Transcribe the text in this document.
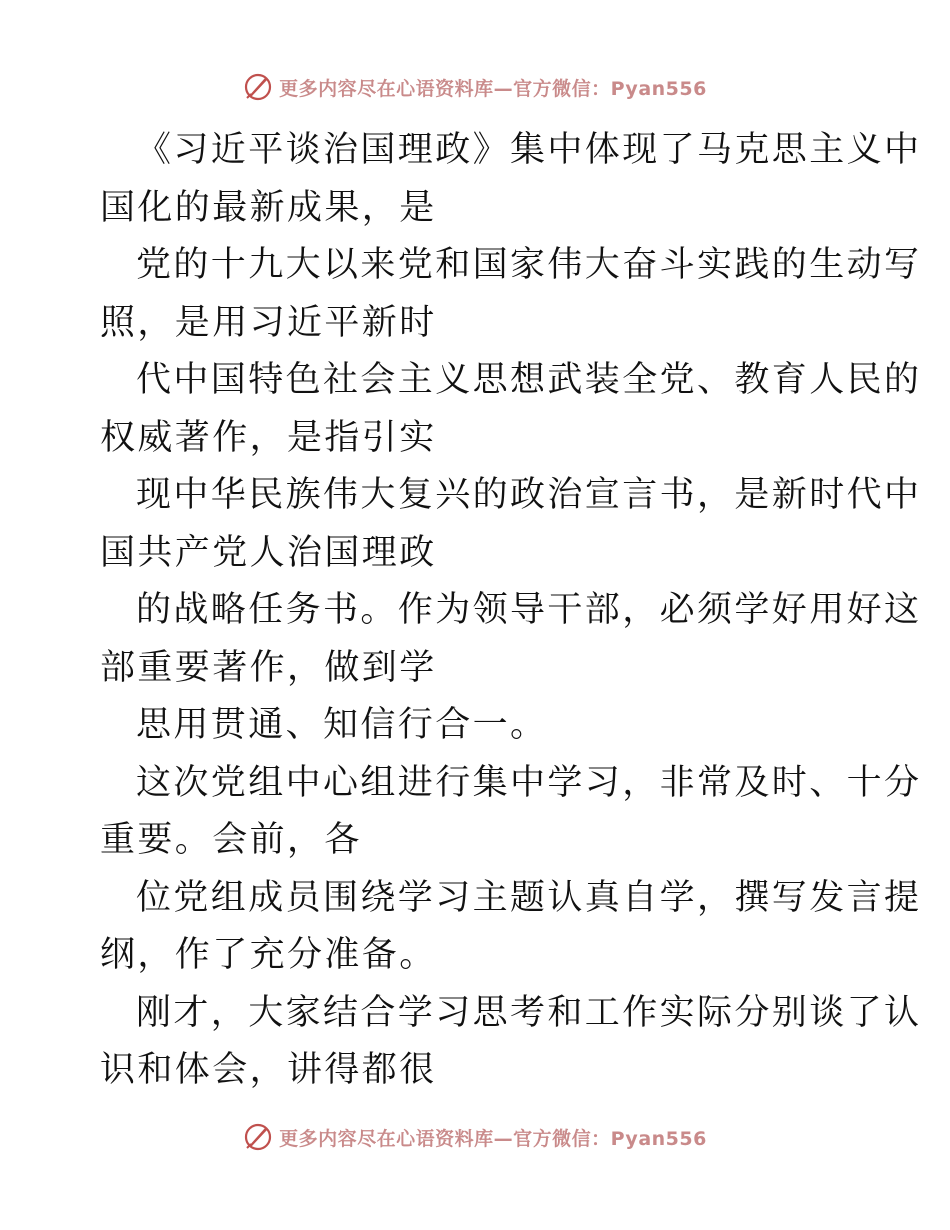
更多内容尽在心语资料库—官方微信：Pyan556
《习近平谈治国理政》集中体现了马克思主义中
国化的最新成果，是
党的十九大以来党和国家伟大奋斗实践的生动写
照，是用习近平新时
代中国特色社会主义思想武装全党、教育人民的
权威著作，是指引实
现中华民族伟大复兴的政治宣言书，是新时代中
国共产党人治国理政
的战略任务书。作为领导干部，必须学好用好这
部重要著作，做到学
思用贯通、知信行合一。
这次党组中心组进行集中学习，非常及时、十分
重要。会前，各
位党组成员围绕学习主题认真自学，撰写发言提
纲，作了充分准备。
刚才，大家结合学习思考和工作实际分别谈了认
识和体会，讲得都很
更多内容尽在心语资料库—官方微信：Pyan556
